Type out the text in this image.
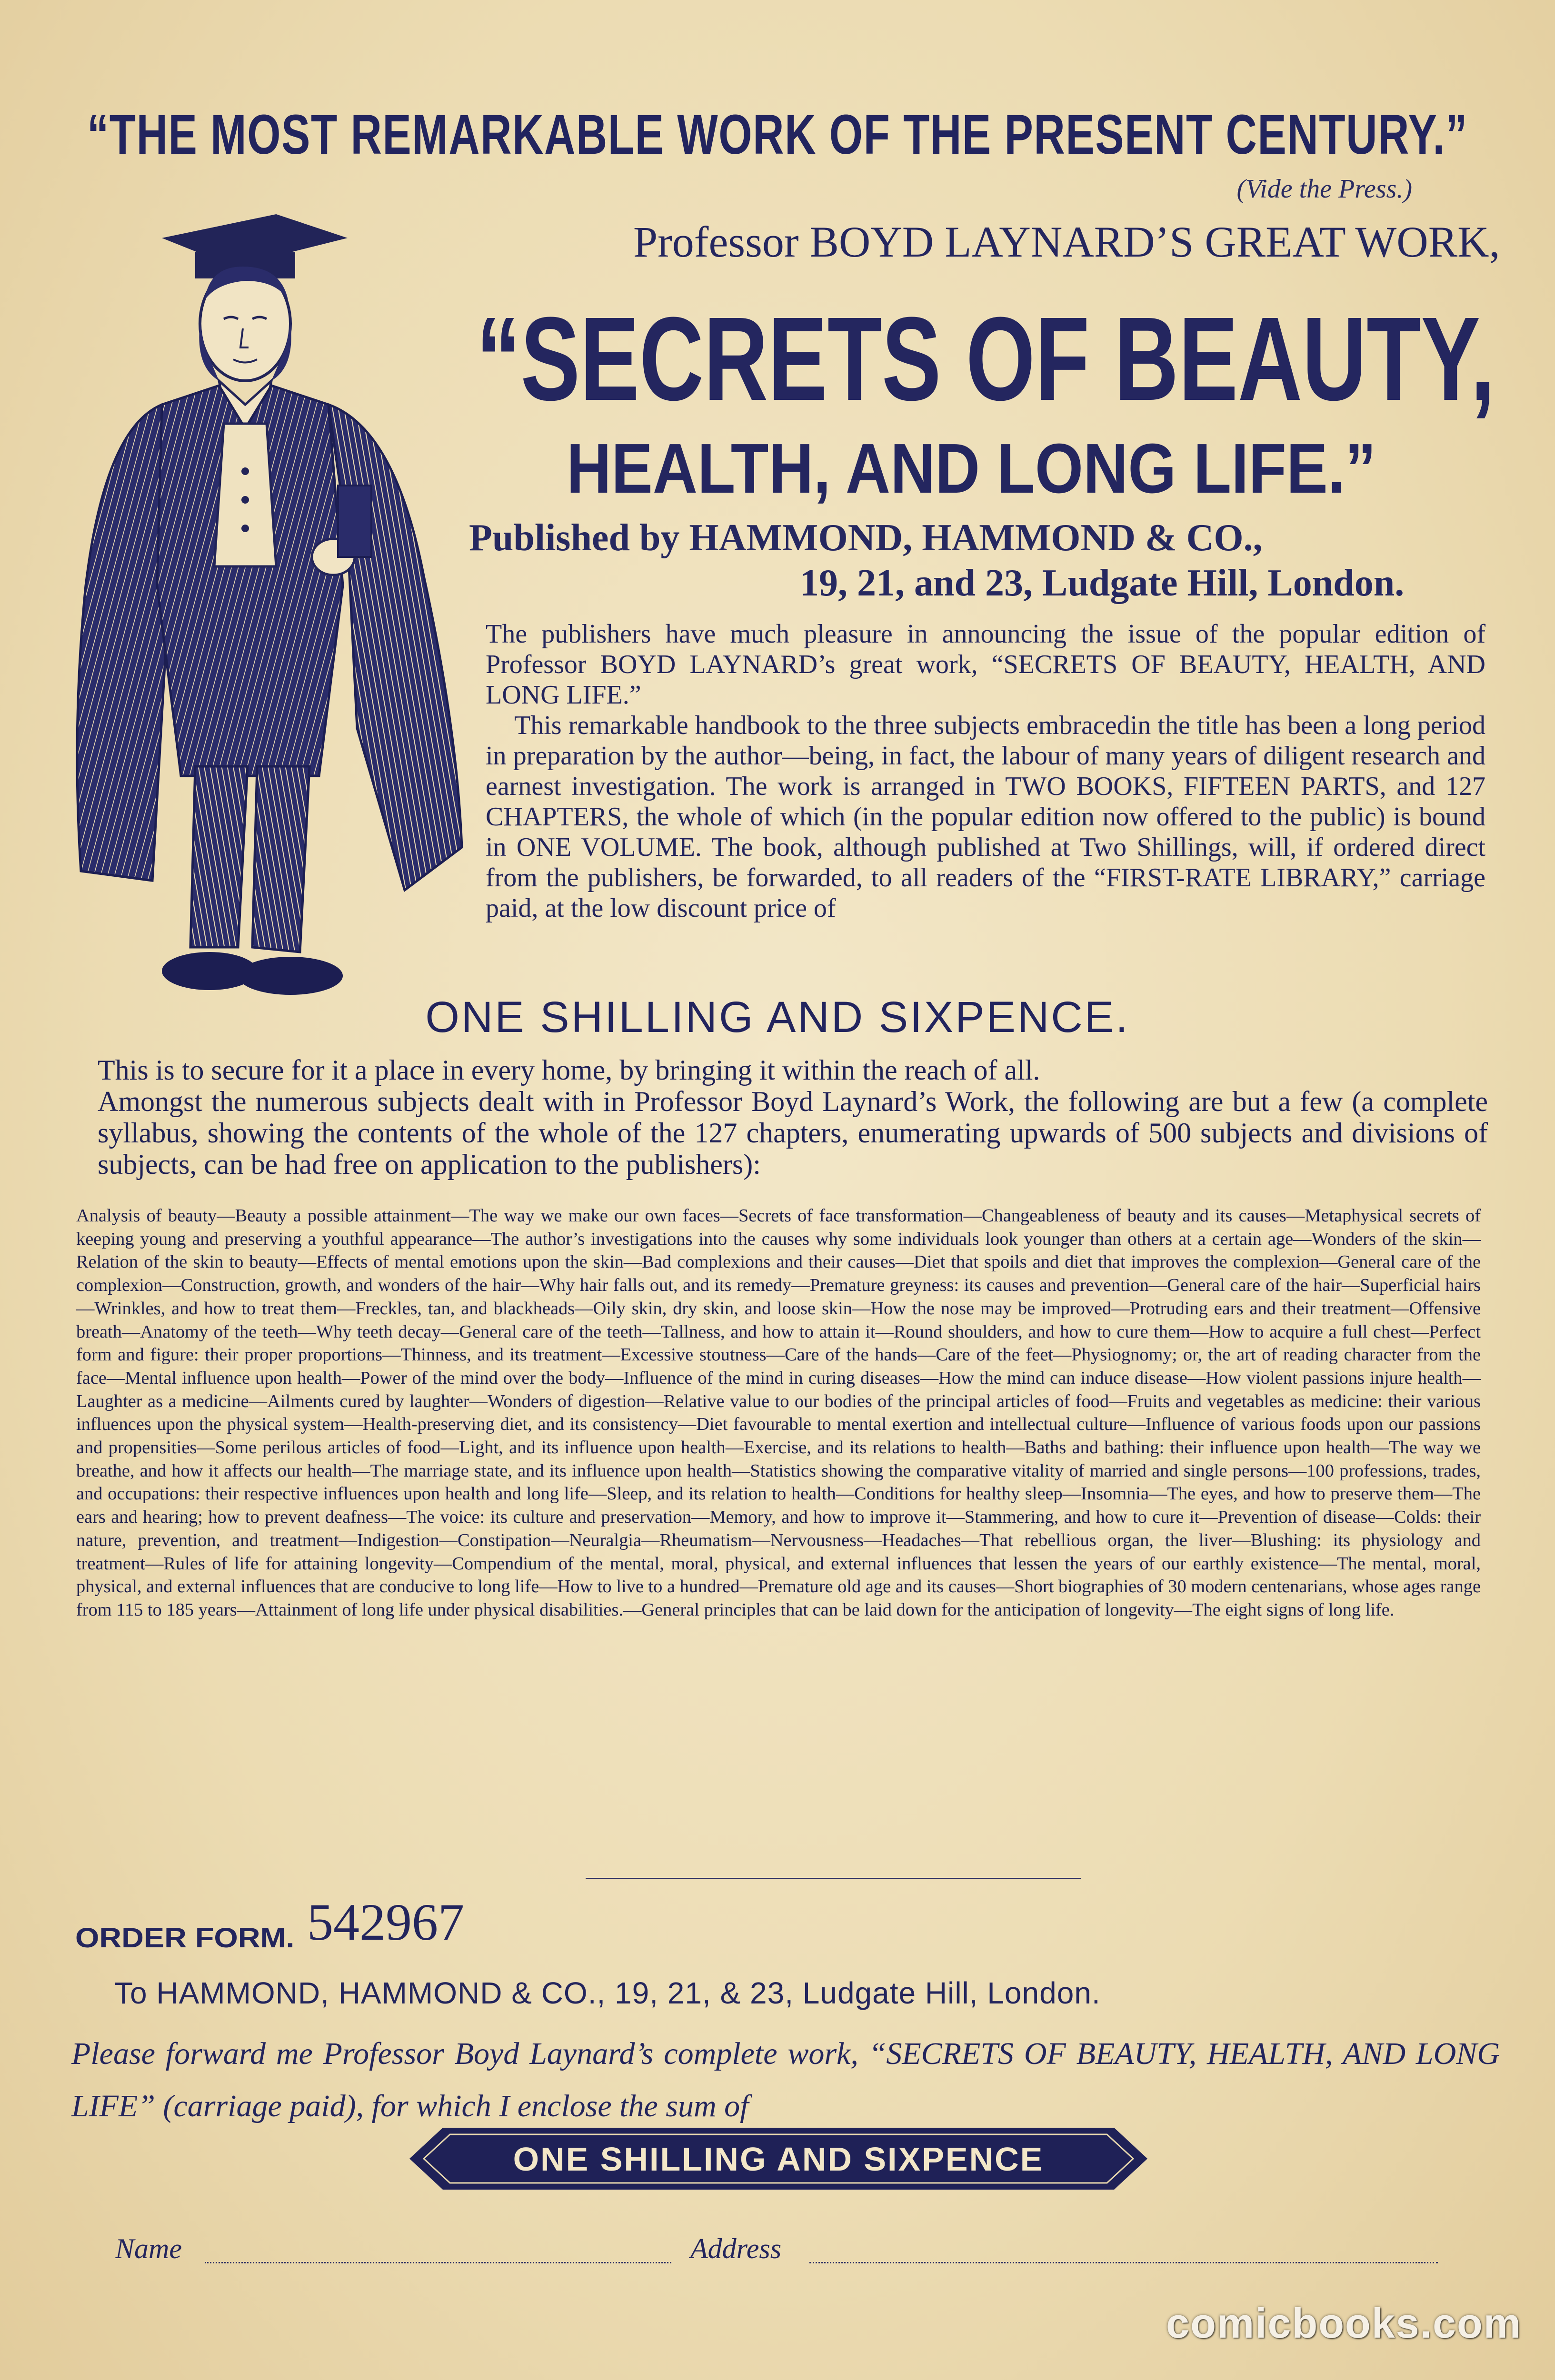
“THE MOST REMARKABLE WORK OF THE PRESENT CENTURY.”
(Vide the Press.)
Professor BOYD LAYNARD’S GREAT WORK,
“SECRETS OF BEAUTY,
HEALTH, AND LONG LIFE.”
Published by HAMMOND, HAMMOND & CO.,
19, 21, and 23, Ludgate Hill, London.

The publishers have much pleasure in announcing the issue of the popular edition of Professor BOYD LAYNARD’s great work, “SECRETS OF BEAUTY, HEALTH, AND LONG LIFE.”

This remarkable handbook to the three subjects embracedin the title has been a long period in preparation by the author—being, in fact, the labour of many years of diligent research and earnest investigation. The work is arranged in TWO BOOKS, FIFTEEN PARTS, and 127 CHAPTERS, the whole of which (in the popular edition now offered to the public) is bound in ONE VOLUME. The book, although published at Two Shillings, will, if ordered direct from the publishers, be forwarded, to all readers of the “FIRST-RATE LIBRARY,” carriage paid, at the low discount price of

ONE SHILLING AND SIXPENCE.

This is to secure for it a place in every home, by bringing it within the reach of all.

Amongst the numerous subjects dealt with in Professor Boyd Laynard’s Work, the following are but a few (a complete syllabus, showing the contents of the whole of the 127 chapters, enumerating upwards of 500 subjects and divisions of subjects, can be had free on application to the publishers):

Analysis of beauty—Beauty a possible attainment—The way we make our own faces—Secrets of face transformation—Changeableness of beauty and its causes—Metaphysical secrets of keeping young and preserving a youthful appearance—The author’s investigations into the causes why some individuals look younger than others at a certain age—Wonders of the skin—Relation of the skin to beauty—Effects of mental emotions upon the skin—Bad complexions and their causes—Diet that spoils and diet that improves the complexion—General care of the complexion—Construction, growth, and wonders of the hair—Why hair falls out, and its remedy—Premature greyness: its causes and prevention—General care of the hair—Superficial hairs—Wrinkles, and how to treat them—Freckles, tan, and blackheads—Oily skin, dry skin, and loose skin—How the nose may be improved—Protruding ears and their treatment—Offensive breath—Anatomy of the teeth—Why teeth decay—General care of the teeth—Tallness, and how to attain it—Round shoulders, and how to cure them—How to acquire a full chest—Perfect form and figure: their proper proportions—Thinness, and its treatment—Excessive stoutness—Care of the hands—Care of the feet—Physiognomy; or, the art of reading character from the face—Mental influence upon health—Power of the mind over the body—Influence of the mind in curing diseases—How the mind can induce disease—How violent passions injure health—Laughter as a medicine—Ailments cured by laughter—Wonders of digestion—Relative value to our bodies of the principal articles of food—Fruits and vegetables as medicine: their various influences upon the physical system—Health-preserving diet, and its consistency—Diet favourable to mental exertion and intellectual culture—Influence of various foods upon our passions and propensities—Some perilous articles of food—Light, and its influence upon health—Exercise, and its relations to health—Baths and bathing: their influence upon health—The way we breathe, and how it affects our health—The marriage state, and its influence upon health—Statistics showing the comparative vitality of married and single persons—100 professions, trades, and occupations: their respective influences upon health and long life—Sleep, and its relation to health—Conditions for healthy sleep—Insomnia—The eyes, and how to preserve them—The ears and hearing; how to prevent deafness—The voice: its culture and preservation—Memory, and how to improve it—Stammering, and how to cure it—Prevention of disease—Colds: their nature, prevention, and treatment—Indigestion—Constipation—Neuralgia—Rheumatism—Nervousness—Headaches—That rebellious organ, the liver—Blushing: its physiology and treatment—Rules of life for attaining longevity—Compendium of the mental, moral, physical, and external influences that lessen the years of our earthly existence—The mental, moral, physical, and external influences that are conducive to long life—How to live to a hundred—Premature old age and its causes—Short biographies of 30 modern centenarians, whose ages range from 115 to 185 years—Attainment of long life under physical disabilities.—General principles that can be laid down for the anticipation of longevity—The eight signs of long life.
ORDER FORM. 542967
To HAMMOND, HAMMOND & CO., 19, 21, & 23, Ludgate Hill, London.
Please forward me Professor Boyd Laynard’s complete work, “SECRETS OF BEAUTY, HEALTH, AND LONG LIFE” (carriage paid), for which I enclose the sum of
ONE SHILLING AND SIXPENCE
Name	Address
comicbooks.com
